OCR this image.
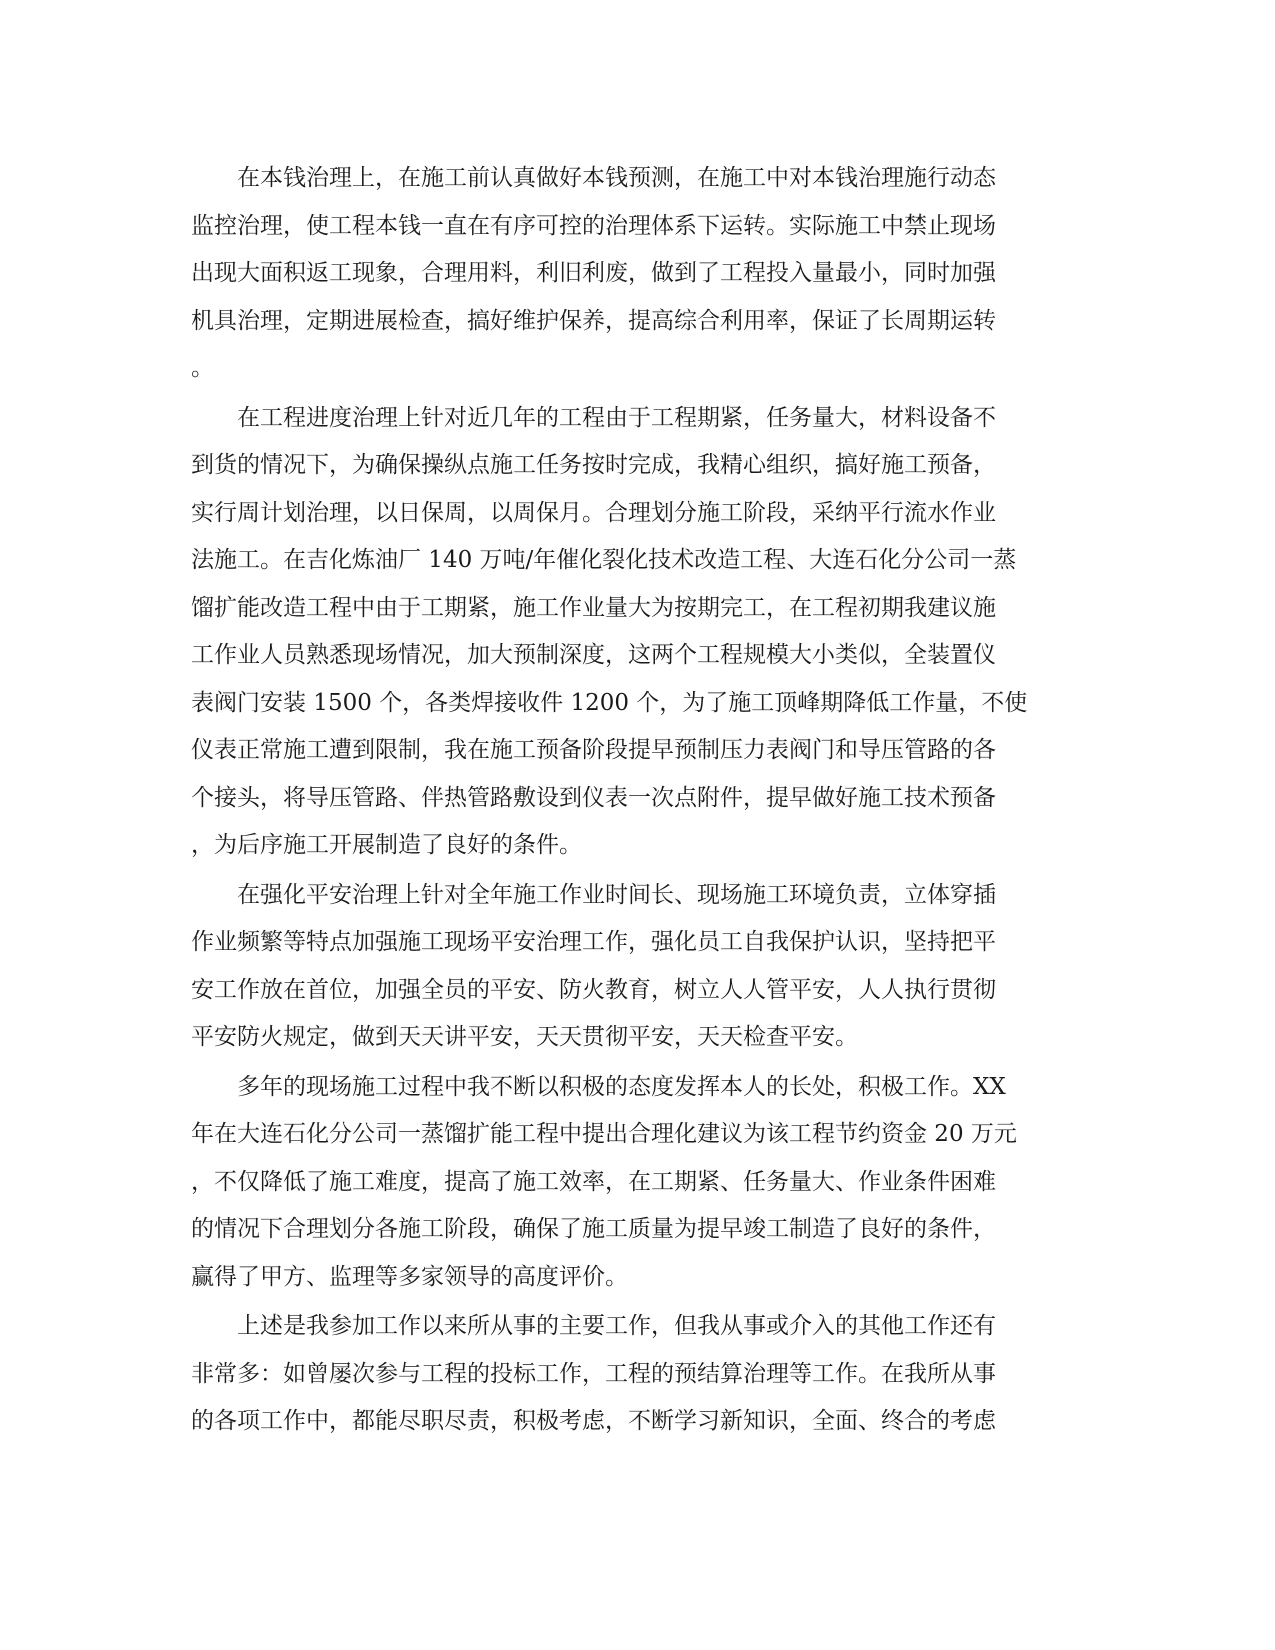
在本钱治理上，在施工前认真做好本钱预测，在施工中对本钱治理施行动态
监控治理，使工程本钱一直在有序可控的治理体系下运转。实际施工中禁止现场
出现大面积返工现象，合理用料，利旧利废，做到了工程投入量最小，同时加强
机具治理，定期进展检查，搞好维护保养，提高综合利用率，保证了长周期运转
。
在工程进度治理上针对近几年的工程由于工程期紧，任务量大，材料设备不
到货的情况下，为确保操纵点施工任务按时完成，我精心组织，搞好施工预备，
实行周计划治理，以日保周，以周保月。合理划分施工阶段，采纳平行流水作业
法施工。在吉化炼油厂 140 万吨/年催化裂化技术改造工程、大连石化分公司一蒸
馏扩能改造工程中由于工期紧，施工作业量大为按期完工，在工程初期我建议施
工作业人员熟悉现场情况，加大预制深度，这两个工程规模大小类似，全装置仪
表阀门安装 1500 个，各类焊接收件 1200 个，为了施工顶峰期降低工作量，不使
仪表正常施工遭到限制，我在施工预备阶段提早预制压力表阀门和导压管路的各
个接头，将导压管路、伴热管路敷设到仪表一次点附件，提早做好施工技术预备
，为后序施工开展制造了良好的条件。
在强化平安治理上针对全年施工作业时间长、现场施工环境负责，立体穿插
作业频繁等特点加强施工现场平安治理工作，强化员工自我保护认识，坚持把平
安工作放在首位，加强全员的平安、防火教育，树立人人管平安，人人执行贯彻
平安防火规定，做到天天讲平安，天天贯彻平安，天天检查平安。
多年的现场施工过程中我不断以积极的态度发挥本人的长处，积极工作。XX
年在大连石化分公司一蒸馏扩能工程中提出合理化建议为该工程节约资金 20 万元
，不仅降低了施工难度，提高了施工效率，在工期紧、任务量大、作业条件困难
的情况下合理划分各施工阶段，确保了施工质量为提早竣工制造了良好的条件，
赢得了甲方、监理等多家领导的高度评价。
上述是我参加工作以来所从事的主要工作，但我从事或介入的其他工作还有
非常多：如曾屡次参与工程的投标工作，工程的预结算治理等工作。在我所从事
的各项工作中，都能尽职尽责，积极考虑，不断学习新知识，全面、终合的考虑
